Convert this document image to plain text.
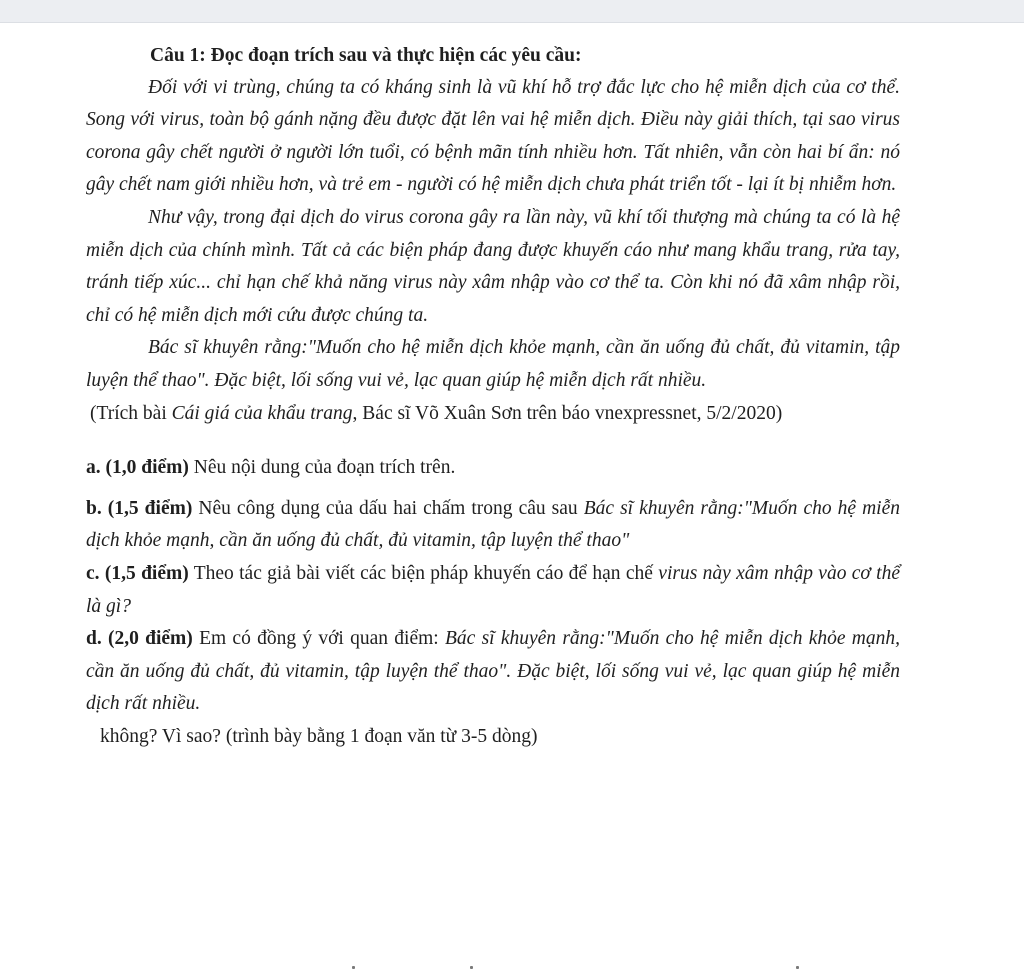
Câu 1: Đọc đoạn trích sau và thực hiện các yêu cầu:

Đối với vi trùng, chúng ta có kháng sinh là vũ khí hỗ trợ đắc lực cho hệ miễn dịch của cơ thể. Song với virus, toàn bộ gánh nặng đều được đặt lên vai hệ miễn dịch. Điều này giải thích, tại sao virus corona gây chết người ở người lớn tuổi, có bệnh mãn tính nhiều hơn. Tất nhiên, vẫn còn hai bí ẩn: nó gây chết nam giới nhiều hơn, và trẻ em - người có hệ miễn dịch chưa phát triển tốt - lại ít bị nhiễm hơn.

Như vậy, trong đại dịch do virus corona gây ra lần này, vũ khí tối thượng mà chúng ta có là hệ miễn dịch của chính mình. Tất cả các biện pháp đang được khuyến cáo như mang khẩu trang, rửa tay, tránh tiếp xúc... chỉ hạn chế khả năng virus này xâm nhập vào cơ thể ta. Còn khi nó đã xâm nhập rồi, chỉ có hệ miễn dịch mới cứu được chúng ta.

Bác sĩ khuyên rằng:"Muốn cho hệ miễn dịch khỏe mạnh, cần ăn uống đủ chất, đủ vitamin, tập luyện thể thao". Đặc biệt, lối sống vui vẻ, lạc quan giúp hệ miễn dịch rất nhiều.

(Trích bài Cái giá của khẩu trang, Bác sĩ Võ Xuân Sơn trên báo vnexpressnet, 5/2/2020)

a. (1,0 điểm) Nêu nội dung của đoạn trích trên.

b. (1,5 điểm) Nêu công dụng của dấu hai chấm trong câu sau Bác sĩ khuyên rằng:"Muốn cho hệ miễn dịch khỏe mạnh, cần ăn uống đủ chất, đủ vitamin, tập luyện thể thao"

c. (1,5 điểm) Theo tác giả bài viết các biện pháp khuyến cáo để hạn chế virus này xâm nhập vào cơ thể là gì?

d. (2,0 điểm) Em có đồng ý với quan điểm: Bác sĩ khuyên rằng:"Muốn cho hệ miễn dịch khỏe mạnh, cần ăn uống đủ chất, đủ vitamin, tập luyện thể thao". Đặc biệt, lối sống vui vẻ, lạc quan giúp hệ miễn dịch rất nhiều.

không? Vì sao? (trình bày bằng 1 đoạn văn từ 3-5 dòng)
